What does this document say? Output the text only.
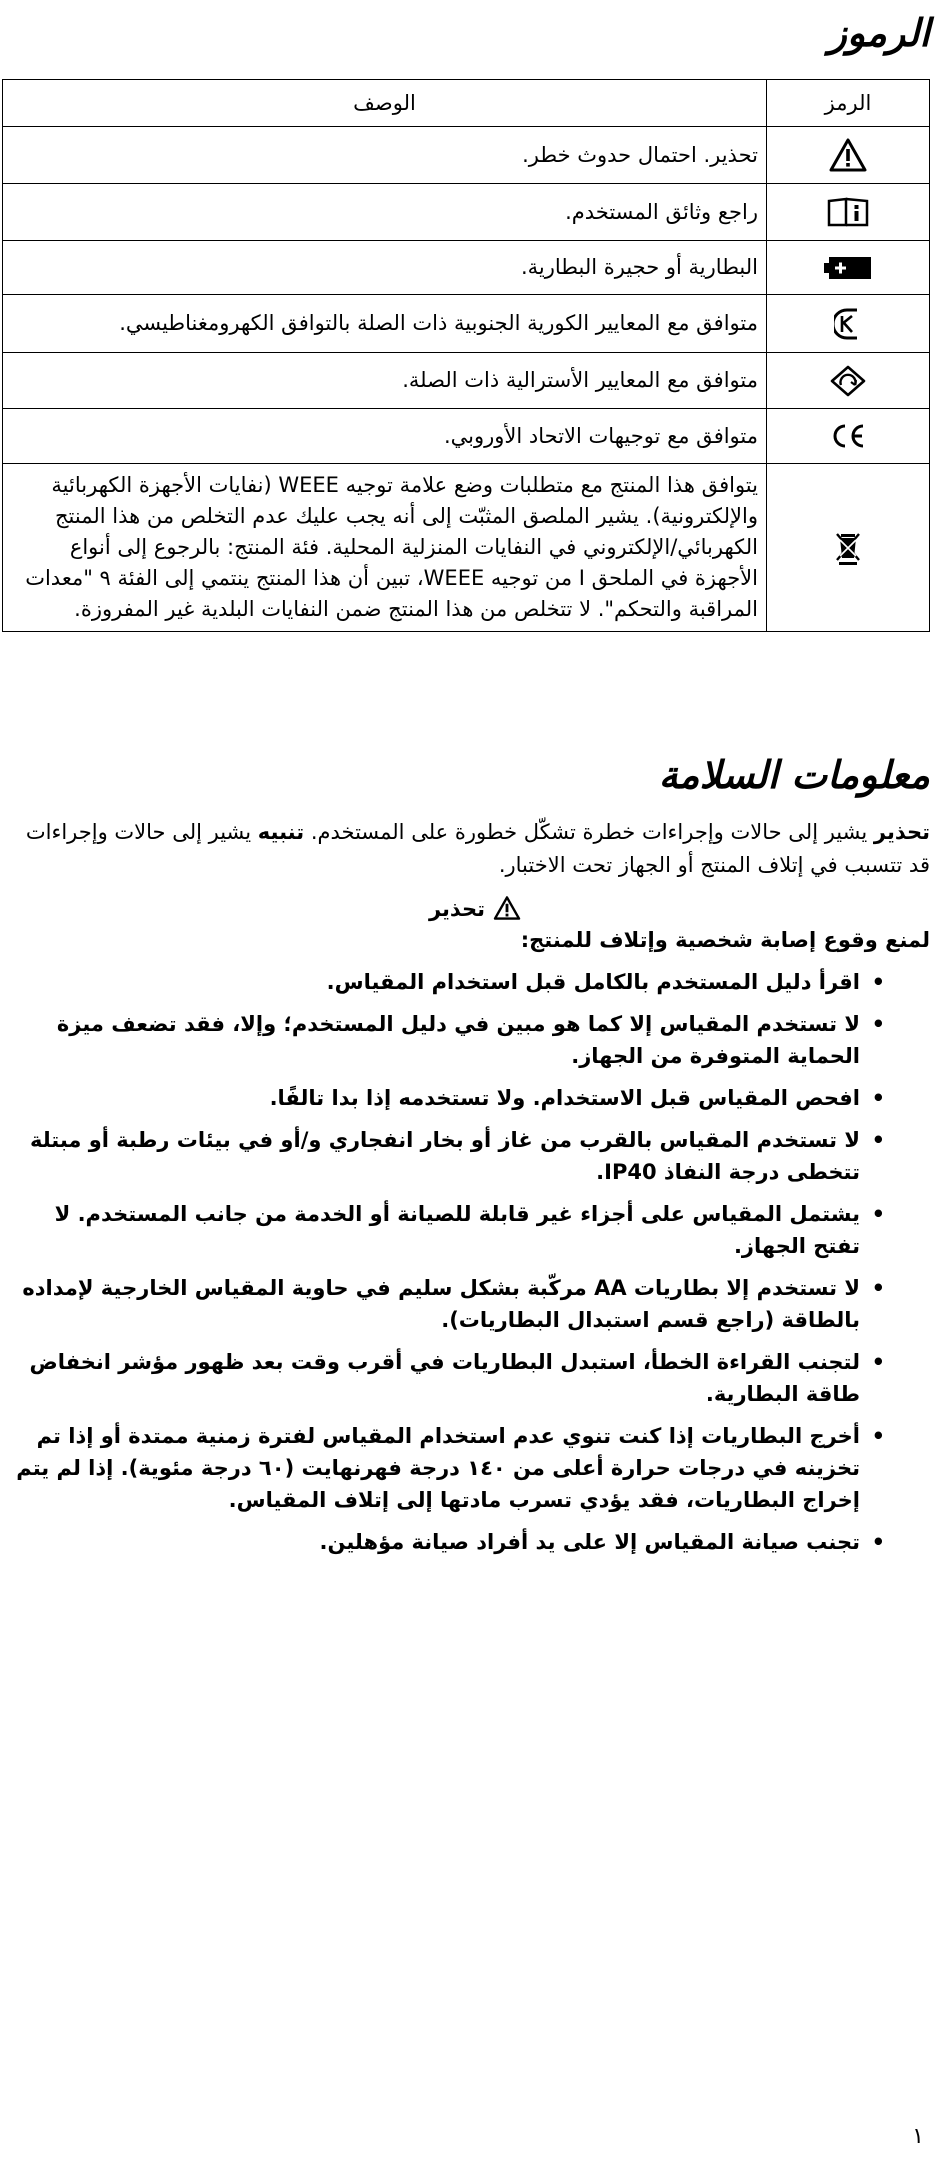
الرموز
الرمز	الوصف
	تحذير. احتمال حدوث خطر.
	راجع وثائق المستخدم.
	البطارية أو حجيرة البطارية.
	متوافق مع المعايير الكورية الجنوبية ذات الصلة بالتوافق الكهرومغناطيسي.
	متوافق مع المعايير الأسترالية ذات الصلة.
	متوافق مع توجيهات الاتحاد الأوروبي.
	يتوافق هذا المنتج مع متطلبات وضع علامة توجيه WEEE (نفايات الأجهزة الكهربائية والإلكترونية). يشير الملصق المثبّت إلى أنه يجب عليك عدم التخلص من هذا المنتج الكهربائي/الإلكتروني في النفايات المنزلية المحلية. فئة المنتج: بالرجوع إلى أنواع الأجهزة في الملحق I من توجيه WEEE، تبين أن هذا المنتج ينتمي إلى الفئة ٩ "معدات المراقبة والتحكم". لا تتخلص من هذا المنتج ضمن النفايات البلدية غير المفروزة.
معلومات السلامة

تحذير يشير إلى حالات وإجراءات خطرة تشكّل خطورة على المستخدم. تنبيه يشير إلى حالات وإجراءات قد تتسبب في إتلاف المنتج أو الجهاز تحت الاختبار.

تحذير
لمنع وقوع إصابة شخصية وإتلاف للمنتج:
• اقرأ دليل المستخدم بالكامل قبل استخدام المقياس.
• لا تستخدم المقياس إلا كما هو مبين في دليل المستخدم؛ وإلا، فقد تضعف ميزة الحماية المتوفرة من الجهاز.
• افحص المقياس قبل الاستخدام. ولا تستخدمه إذا بدا تالفًا.
• لا تستخدم المقياس بالقرب من غاز أو بخار انفجاري و/أو في بيئات رطبة أو مبتلة تتخطى درجة النفاذ IP40.
• يشتمل المقياس على أجزاء غير قابلة للصيانة أو الخدمة من جانب المستخدم. لا تفتح الجهاز.
• لا تستخدم إلا بطاريات AA مركّبة بشكل سليم في حاوية المقياس الخارجية لإمداده بالطاقة (راجع قسم استبدال البطاريات).
• لتجنب القراءة الخطأ، استبدل البطاريات في أقرب وقت بعد ظهور مؤشر انخفاض طاقة البطارية.
• أخرج البطاريات إذا كنت تنوي عدم استخدام المقياس لفترة زمنية ممتدة أو إذا تم تخزينه في درجات حرارة أعلى من ١٤٠ درجة فهرنهايت (٦٠ درجة مئوية). إذا لم يتم إخراج البطاريات، فقد يؤدي تسرب مادتها إلى إتلاف المقياس.
• تجنب صيانة المقياس إلا على يد أفراد صيانة مؤهلين.
١
